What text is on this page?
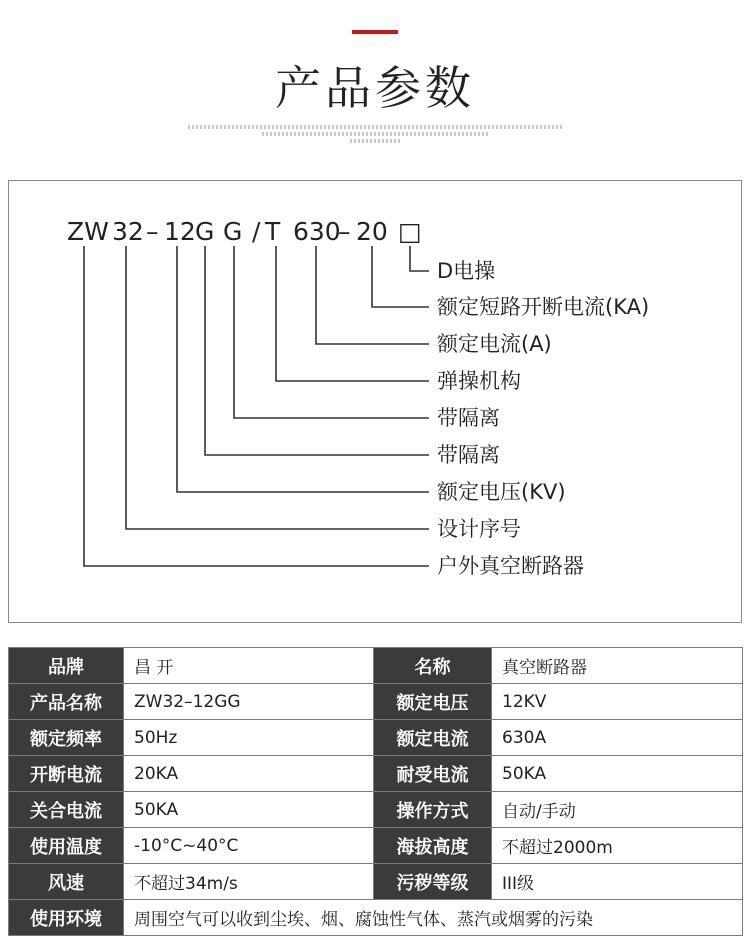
产品参数
ZW 32 – 12 G G / T 630
– 20 □
D电操
额定短路开断电流(KA)
额定电流(A)
弹操机构
带隔离
带隔离
额定电压(KV)
设计序号
户外真空断路器
品牌	昌 开	名称	真空断路器
产品名称	ZW32–12GG	额定电压	12KV
额定频率	50Hz	额定电流	630A
开断电流	20KA	耐受电流	50KA
关合电流	50KA	操作方式	自动/手动
使用温度	-10°C~40°C	海拔高度	不超过2000m
风速	不超过34m/s	污秽等级	III级
使用环境	周围空气可以收到尘埃、烟、腐蚀性气体、蒸汽或烟雾的污染		
